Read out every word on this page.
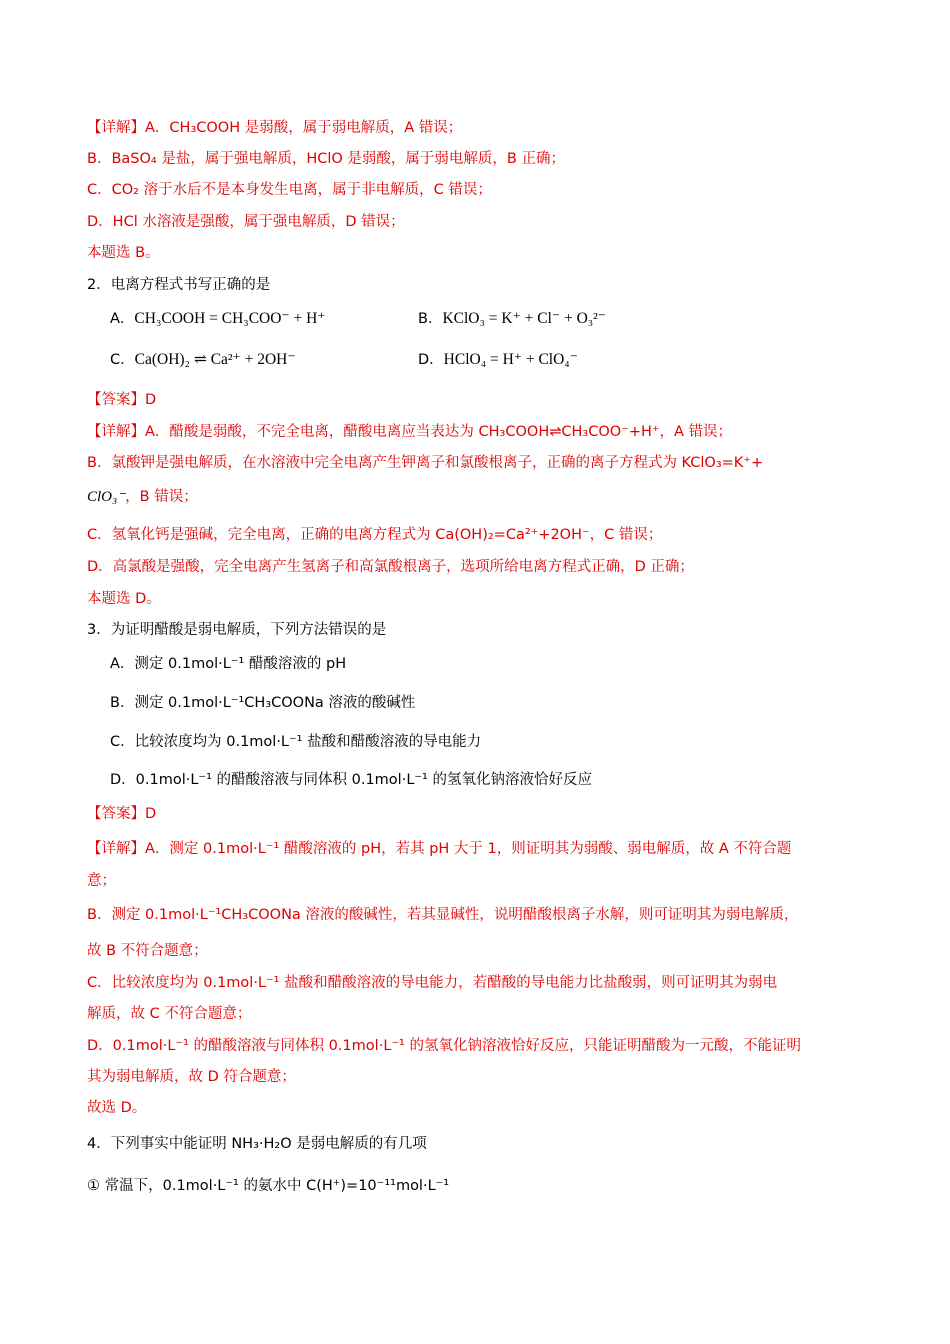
【详解】A．CH₃COOH 是弱酸，属于弱电解质，A 错误；
B．BaSO₄ 是盐，属于强电解质，HClO 是弱酸，属于弱电解质，B 正确；
C．CO₂ 溶于水后不是本身发生电离，属于非电解质，C 错误；
D．HCl 水溶液是强酸，属于强电解质，D 错误；
本题选 B。
2．电离方程式书写正确的是
A．CH₃COOH = CH₃COO⁻ + H⁺	B．KClO₃ = K⁺ + Cl⁻ + O₃²⁻
C．Ca(OH)₂ ⇌ Ca²⁺ + 2OH⁻	D．HClO₄ = H⁺ + ClO₄⁻
【答案】D
【详解】A．醋酸是弱酸，不完全电离，醋酸电离应当表达为 CH₃COOH⇌CH₃COO⁻+H⁺，A 错误；
B．氯酸钾是强电解质，在水溶液中完全电离产生钾离子和氯酸根离子，正确的离子方程式为 KClO₃=K⁺+
ClO₃⁻，B 错误；
C．氢氧化钙是强碱，完全电离，正确的电离方程式为 Ca(OH)₂=Ca²⁺+2OH⁻，C 错误；
D．高氯酸是强酸，完全电离产生氢离子和高氯酸根离子，选项所给电离方程式正确，D 正确；
本题选 D。
3．为证明醋酸是弱电解质，下列方法错误的是
A．测定 0.1mol·L⁻¹ 醋酸溶液的 pH
B．测定 0.1mol·L⁻¹CH₃COONa 溶液的酸碱性
C．比较浓度均为 0.1mol·L⁻¹ 盐酸和醋酸溶液的导电能力
D．0.1mol·L⁻¹ 的醋酸溶液与同体积 0.1mol·L⁻¹ 的氢氧化钠溶液恰好反应
【答案】D
【详解】A．测定 0.1mol·L⁻¹ 醋酸溶液的 pH，若其 pH 大于 1，则证明其为弱酸、弱电解质，故 A 不符合题
意；
B．测定 0.1mol·L⁻¹CH₃COONa 溶液的酸碱性，若其显碱性，说明醋酸根离子水解，则可证明其为弱电解质，
故 B 不符合题意；
C．比较浓度均为 0.1mol·L⁻¹ 盐酸和醋酸溶液的导电能力，若醋酸的导电能力比盐酸弱，则可证明其为弱电
解质，故 C 不符合题意；
D．0.1mol·L⁻¹ 的醋酸溶液与同体积 0.1mol·L⁻¹ 的氢氧化钠溶液恰好反应，只能证明醋酸为一元酸，不能证明
其为弱电解质，故 D 符合题意；
故选 D。
4．下列事实中能证明 NH₃·H₂O 是弱电解质的有几项
① 常温下，0.1mol·L⁻¹ 的氨水中 C(H⁺)=10⁻¹¹mol·L⁻¹
